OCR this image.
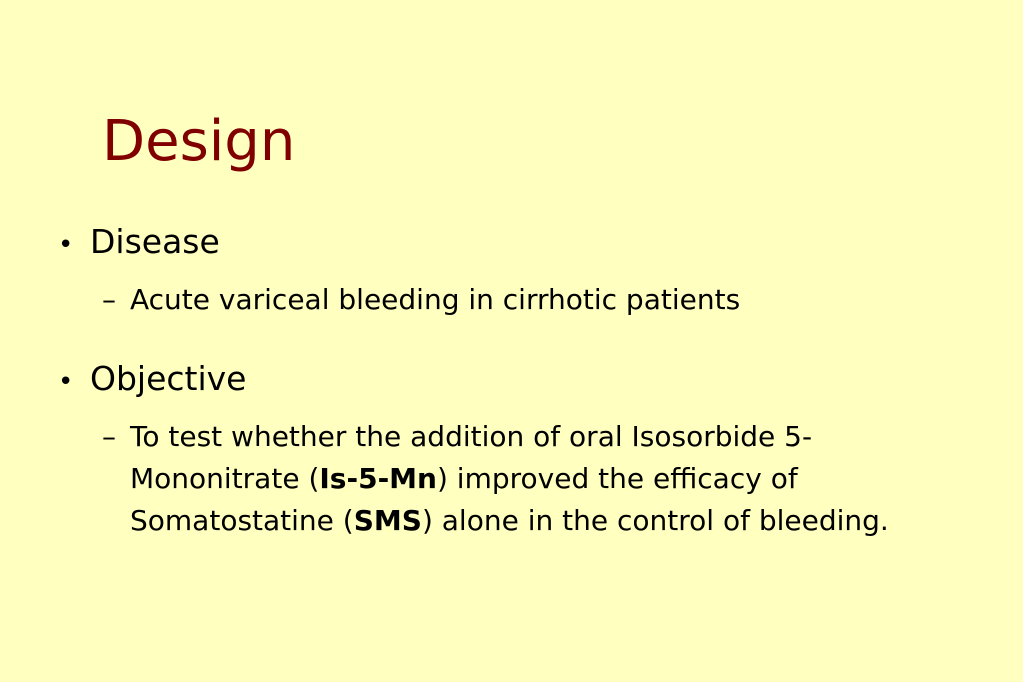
Design
• Disease
– Acute variceal bleeding in cirrhotic patients
• Objective
– To test whether the addition of oral Isosorbide 5-Mononitrate (Is-5-Mn) improved the efficacy of Somatostatine (SMS) alone in the control of bleeding.
